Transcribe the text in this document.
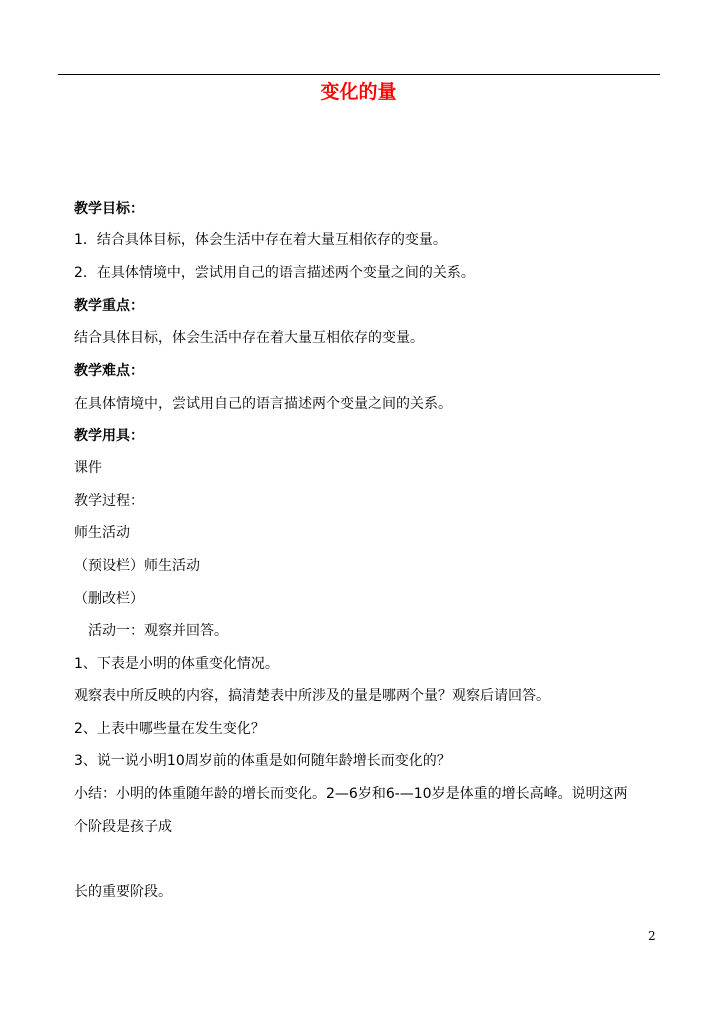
变化的量
教学目标：
1．结合具体目标，体会生活中存在着大量互相依存的变量。
2．在具体情境中，尝试用自己的语言描述两个变量之间的关系。
教学重点：
结合具体目标，体会生活中存在着大量互相依存的变量。
教学难点：
在具体情境中，尝试用自己的语言描述两个变量之间的关系。
教学用具：
课件
教学过程：
师生活动
（预设栏）师生活动
（删改栏）
　活动一：观察并回答。
1、下表是小明的体重变化情况。
观察表中所反映的内容，搞清楚表中所涉及的量是哪两个量？观察后请回答。
2、上表中哪些量在发生变化？
3、说一说小明10周岁前的体重是如何随年龄增长而变化的？
小结：小明的体重随年龄的增长而变化。2—6岁和6-—10岁是体重的增长高峰。说明这两
个阶段是孩子成
长的重要阶段。
2
